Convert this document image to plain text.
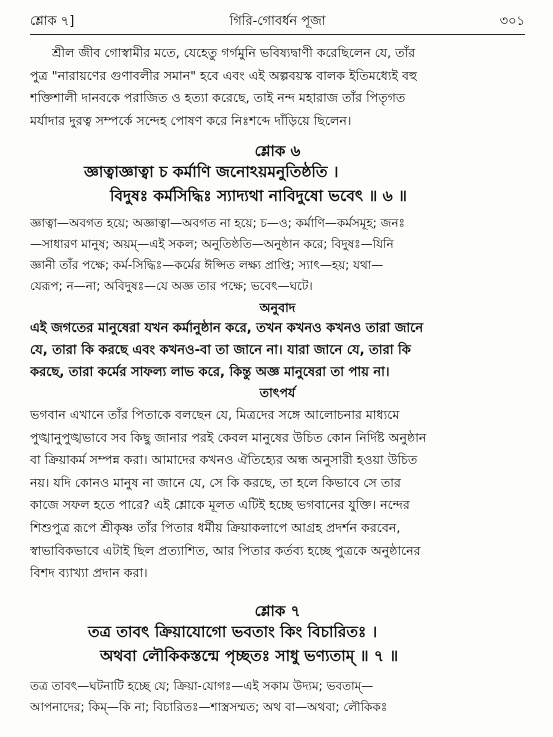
শ্লোক ৭]	গিরি-গোবর্ধন পূজা	৩০১
শ্রীল জীব গোস্বামীর মতে, যেহেতু গর্গমুনি ভবিষ্যদ্বাণী করেছিলেন যে, তাঁর
পুত্র "নারায়ণের গুণাবলীর সমান" হবে এবং এই অল্পবয়স্ক বালক ইতিমধ্যেই বহু
শক্তিশালী দানবকে পরাজিত ও হত্যা করেছে, তাই নন্দ মহারাজ তাঁর পিতৃগত
মর্যাদার দুরত্ব সম্পর্কে সন্দেহ পোষণ করে নিঃশব্দে দাঁড়িয়ে ছিলেন।
শ্লোক ৬
জ্ঞাত্বাজ্ঞাত্বা চ কর্মাণি জনোঽয়মনুতিষ্ঠতি ।
বিদুষঃ কর্মসিদ্ধিঃ স্যাদ্যথা নাবিদুষো ভবেৎ ॥ ৬ ॥
জ্ঞাত্বা—অবগত হয়ে; অজ্ঞাত্বা—অবগত না হয়ে; চ—ও; কর্মাণি—কর্মসমূহ; জনঃ
—সাধারণ মানুষ; অয়ম্—এই সকল; অনুতিষ্ঠতি—অনুষ্ঠান করে; বিদুষঃ—যিনি
জ্ঞানী তাঁর পক্ষে; কর্ম-সিদ্ধিঃ—কর্মের ঈপ্সিত লক্ষ্য প্রাপ্তি; স্যাৎ—হয়; যথা—
যেরূপ; ন—না; অবিদুষঃ—যে অজ্ঞ তার পক্ষে; ভবেৎ—ঘটে।
অনুবাদ
এই জগতের মানুষেরা যখন কর্মানুষ্ঠান করে, তখন কখনও কখনও তারা জানে
যে, তারা কি করছে এবং কখনও-বা তা জানে না। যারা জানে যে, তারা কি
করছে, তারা কর্মের সাফল্য লাভ করে, কিন্তু অজ্ঞ মানুষেরা তা পায় না।
তাৎপর্য
ভগবান এখানে তাঁর পিতাকে বলছেন যে, মিত্রদের সঙ্গে আলোচনার মাধ্যমে
পুঙ্খানুপুঙ্খভাবে সব কিছু জানার পরই কেবল মানুষের উচিত কোন নির্দিষ্ট অনুষ্ঠান
বা ক্রিয়াকর্ম সম্পন্ন করা। আমাদের কখনও ঐতিহ্যের অন্ধ অনুসারী হওয়া উচিত
নয়। যদি কোনও মানুষ না জানে যে, সে কি করছে, তা হলে কিভাবে সে তার
কাজে সফল হতে পারে? এই শ্লোকে মূলত এটিই হচ্ছে ভগবানের যুক্তি। নন্দের
শিশুপুত্র রূপে শ্রীকৃষ্ণ তাঁর পিতার ধর্মীয় ক্রিয়াকলাপে আগ্রহ প্রদর্শন করবেন,
স্বাভাবিকভাবে এটাই ছিল প্রত্যাশিত, আর পিতার কর্তব্য হচ্ছে পুত্রকে অনুষ্ঠানের
বিশদ ব্যাখ্যা প্রদান করা।
শ্লোক ৭
তত্র তাবৎ ক্রিয়াযোগো ভবতাং কিং বিচারিতঃ ।
অথবা লৌকিকস্তন্মে পৃচ্ছতঃ সাধু ভণ্যতাম্ ॥ ৭ ॥
তত্র তাবৎ—ঘটনাটি হচ্ছে যে; ক্রিয়া-যোগঃ—এই সকাম উদ্যম; ভবতাম্—
আপনাদের; কিম্—কি না; বিচারিতঃ—শাস্ত্রসম্মত; অথ বা—অথবা; লৌকিকঃ
